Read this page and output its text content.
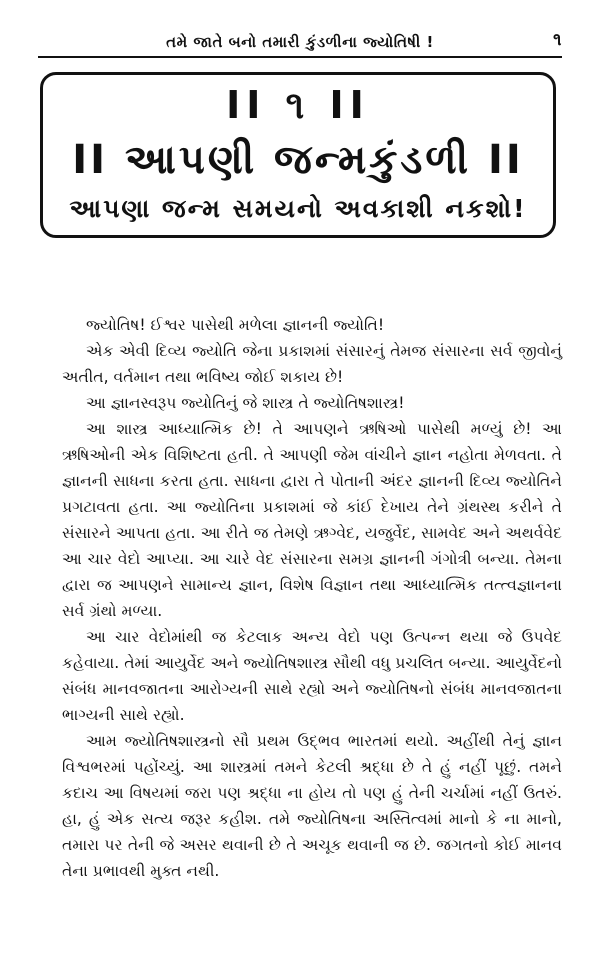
તમે જાતે બનો તમારી કુંડળીના જ્યોતિષી !	૧
II ૧ II
II આપણી જન્મકુંડળી II
આપણા જન્મ સમયનો અવકાશી નકશો!

જ્યોતિષ! ઈશ્વર પાસેથી મળેલા જ્ઞાનની જ્યોતિ!

એક એવી દિવ્ય જ્યોતિ જેના પ્રકાશમાં સંસારનું તેમજ સંસારના સર્વ જીવોનું અતીત, વર્તમાન તથા ભવિષ્ય જોઈ શકાય છે!

આ જ્ઞાનસ્વરૂપ જ્યોતિનું જે શાસ્ત્ર તે જ્યોતિષશાસ્ત્ર!

આ શાસ્ત્ર આધ્યાત્મિક છે! તે આપણને ઋષિઓ પાસેથી મળ્યું છે! આ ઋષિઓની એક વિશિષ્ટતા હતી. તે આપણી જેમ વાંચીને જ્ઞાન નહોતા મેળવતા. તે જ્ઞાનની સાધના કરતા હતા. સાધના દ્વારા તે પોતાની અંદર જ્ઞાનની દિવ્ય જ્યોતિને પ્રગટાવતા હતા. આ જ્યોતિના પ્રકાશમાં જે કાંઈ દેખાય તેને ગ્રંથસ્થ કરીને તે સંસારને આપતા હતા. આ રીતે જ તેમણે ઋગ્વેદ, યજુર્વેદ, સામવેદ અને અથર્વવેદ આ ચાર વેદો આપ્યા. આ ચારે વેદ સંસારના સમગ્ર જ્ઞાનની ગંગોત્રી બન્યા. તેમના દ્વારા જ આપણને સામાન્ય જ્ઞાન, વિશેષ વિજ્ઞાન તથા આધ્યાત્મિક તત્ત્વજ્ઞાનના સર્વ ગ્રંથો મળ્યા.

આ ચાર વેદોમાંથી જ કેટલાક અન્ય વેદો પણ ઉત્પન્ન થયા જે ઉપવેદ કહેવાયા. તેમાં આયુર્વેદ અને જ્યોતિષશાસ્ત્ર સૌથી વધુ પ્રચલિત બન્યા. આયુર્વેદનો સંબંધ માનવજાતના આરોગ્યની સાથે રહ્યો અને જ્યોતિષનો સંબંધ માનવજાતના ભાગ્યની સાથે રહ્યો.

આમ જ્યોતિષશાસ્ત્રનો સૌ પ્રથમ ઉદ્ભવ ભારતમાં થયો. અહીંથી તેનું જ્ઞાન વિશ્વભરમાં પહોંચ્યું. આ શાસ્ત્રમાં તમને કેટલી શ્રદ્ધા છે તે હું નહીં પૂછું. તમને કદાચ આ વિષયમાં જરા પણ શ્રદ્ધા ના હોય તો પણ હું તેની ચર્ચામાં નહીં ઉતરું. હા, હું એક સત્ય જરૂર કહીશ. તમે જ્યોતિષના અસ્તિત્વમાં માનો કે ના માનો, તમારા પર તેની જે અસર થવાની છે તે અચૂક થવાની જ છે. જગતનો કોઈ માનવ તેના પ્રભાવથી મુક્ત નથી.
